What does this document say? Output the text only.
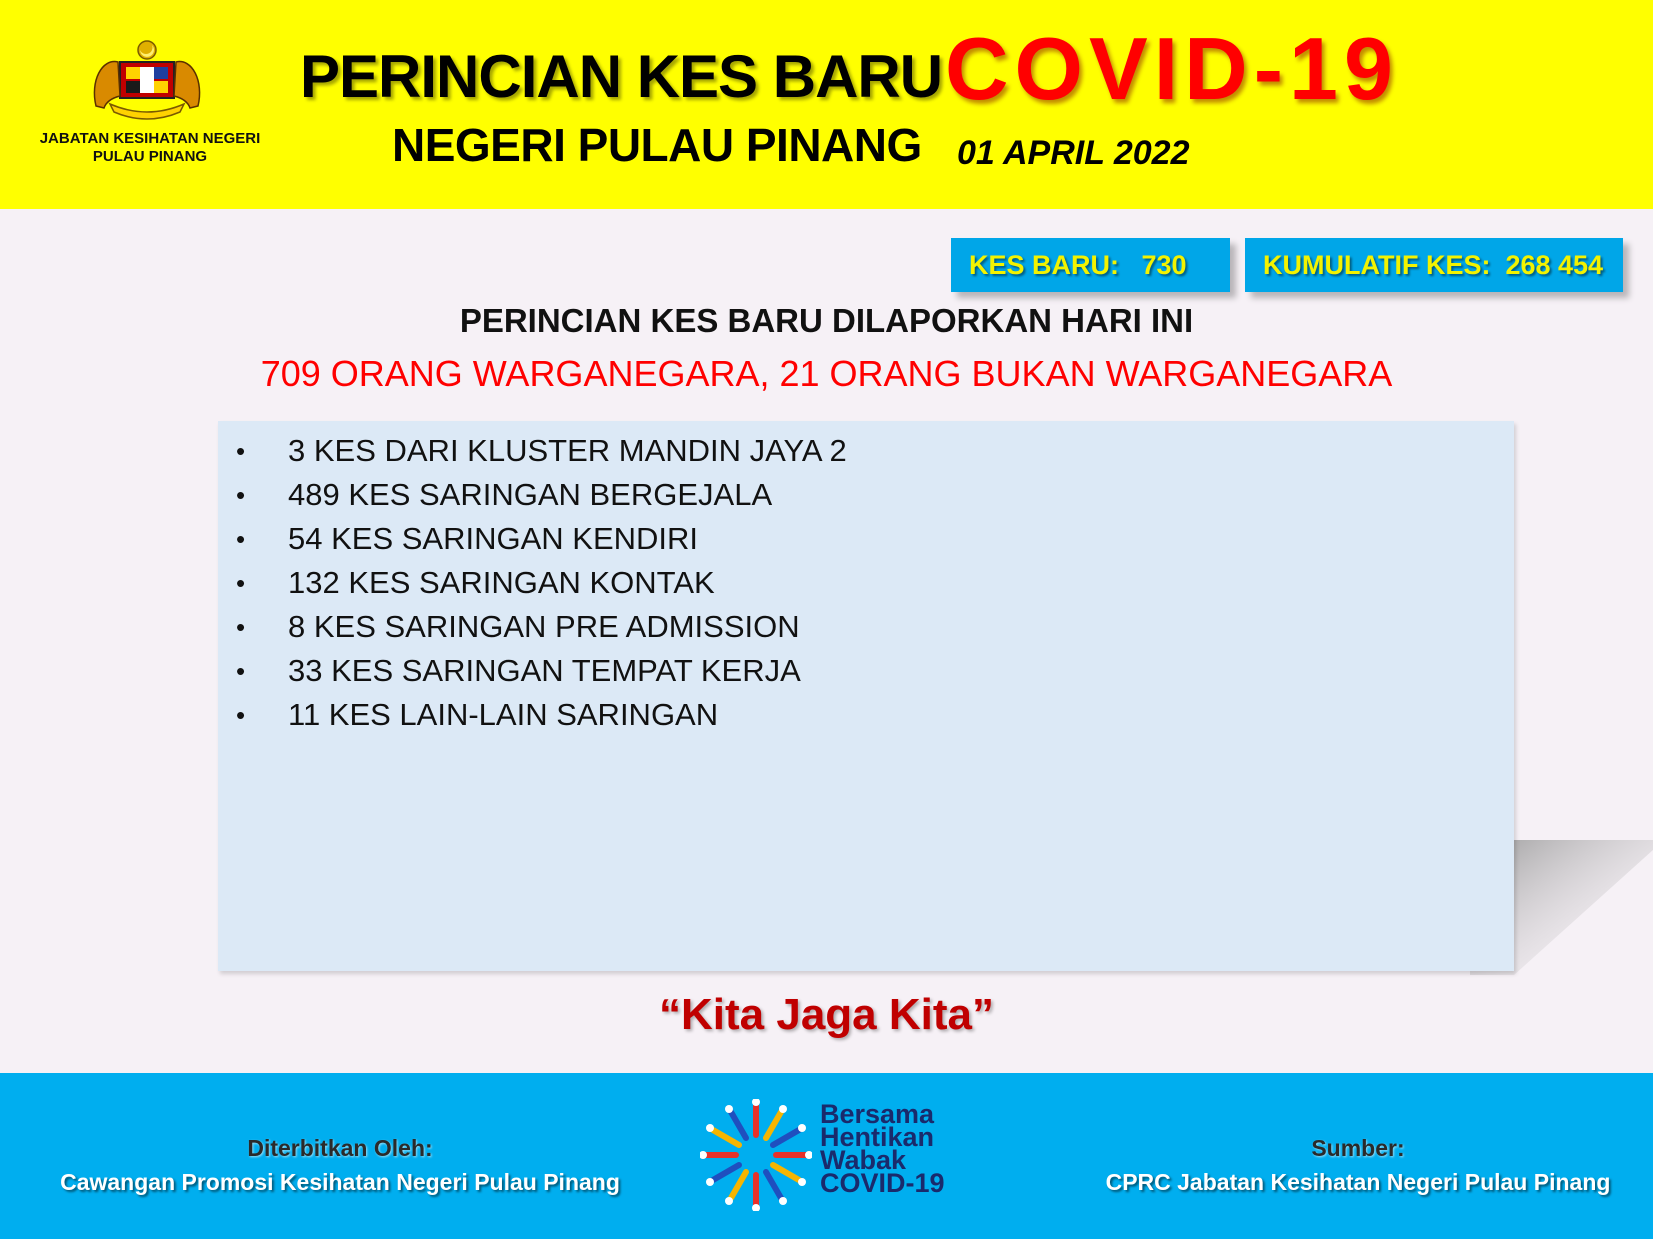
JABATAN KESIHATAN NEGERI
PULAU PINANG
PERINCIAN KES BARU COVID-19
NEGERI PULAU PINANG 01 APRIL 2022
KES BARU:   730	KUMULATIF KES:  268 454
PERINCIAN KES BARU DILAPORKAN HARI INI
709 ORANG WARGANEGARA, 21 ORANG BUKAN WARGANEGARA
• 3 KES DARI KLUSTER MANDIN JAYA 2
• 489 KES SARINGAN BERGEJALA
• 54 KES SARINGAN KENDIRI
• 132 KES SARINGAN KONTAK
• 8 KES SARINGAN PRE ADMISSION
• 33 KES SARINGAN TEMPAT KERJA
• 11 KES LAIN-LAIN SARINGAN
“Kita Jaga Kita”
Diterbitkan Oleh:
Cawangan Promosi Kesihatan Negeri Pulau Pinang
Bersama
Hentikan
Wabak
COVID-19
Sumber:
CPRC Jabatan Kesihatan Negeri Pulau Pinang
